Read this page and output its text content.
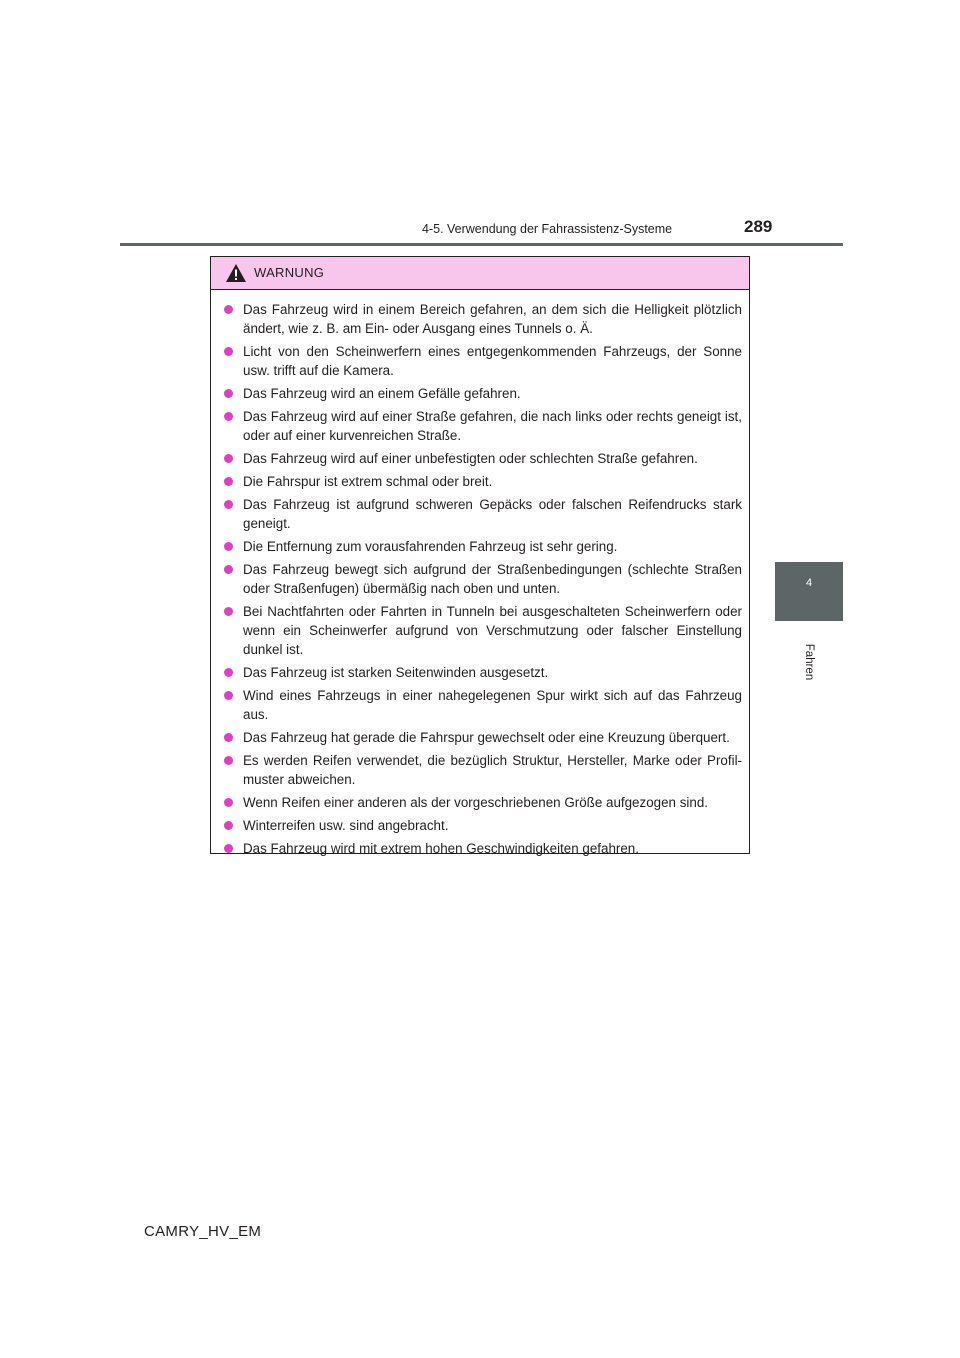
4-5. Verwendung der Fahrassistenz-Systeme	289
4
Fahren
WARNUNG
Das Fahrzeug wird in einem Bereich gefahren, an dem sich die Helligkeit plötzlich ändert, wie z. B. am Ein- oder Ausgang eines Tunnels o. Ä.
Licht von den Scheinwerfern eines entgegenkommenden Fahrzeugs, der Sonne usw. trifft auf die Kamera.
Das Fahrzeug wird an einem Gefälle gefahren.
Das Fahrzeug wird auf einer Straße gefahren, die nach links oder rechts geneigt ist, oder auf einer kurvenreichen Straße.
Das Fahrzeug wird auf einer unbefestigten oder schlechten Straße gefahren.
Die Fahrspur ist extrem schmal oder breit.
Das Fahrzeug ist aufgrund schweren Gepäcks oder falschen Reifendrucks stark geneigt.
Die Entfernung zum vorausfahrenden Fahrzeug ist sehr gering.
Das Fahrzeug bewegt sich aufgrund der Straßenbedingungen (schlechte Straßen oder Straßenfugen) übermäßig nach oben und unten.
Bei Nachtfahrten oder Fahrten in Tunneln bei ausgeschalteten Scheinwerfern oder wenn ein Scheinwerfer aufgrund von Verschmutzung oder falscher Einstellung dunkel ist.
Das Fahrzeug ist starken Seitenwinden ausgesetzt.
Wind eines Fahrzeugs in einer nahegelegenen Spur wirkt sich auf das Fahrzeug aus.
Das Fahrzeug hat gerade die Fahrspur gewechselt oder eine Kreuzung überquert.
Es werden Reifen verwendet, die bezüglich Struktur, Hersteller, Marke oder Profil-muster abweichen.
Wenn Reifen einer anderen als der vorgeschriebenen Größe aufgezogen sind.
Winterreifen usw. sind angebracht.
Das Fahrzeug wird mit extrem hohen Geschwindigkeiten gefahren.
CAMRY_HV_EM
